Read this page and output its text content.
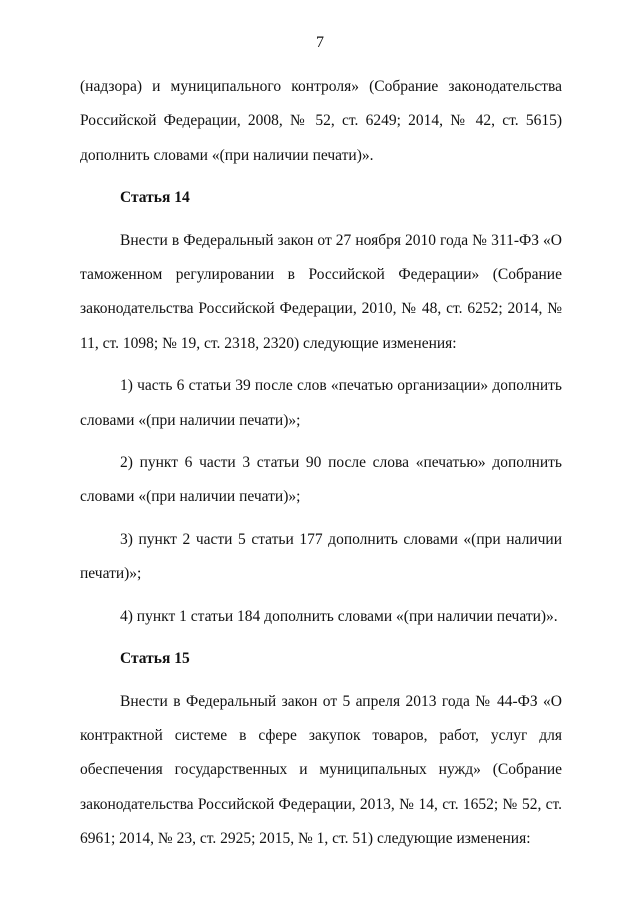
7

(надзора) и муниципального контроля» (Собрание законодательства Российской Федерации, 2008, № 52, ст. 6249; 2014, № 42, ст. 5615) дополнить словами «(при наличии печати)».

Статья 14

Внести в Федеральный закон от 27 ноября 2010 года № 311-ФЗ «О таможенном регулировании в Российской Федерации» (Собрание законодательства Российской Федерации, 2010, № 48, ст. 6252; 2014, № 11, ст. 1098; № 19, ст. 2318, 2320) следующие изменения:

1) часть 6 статьи 39 после слов «печатью организации» дополнить словами «(при наличии печати)»;

2) пункт 6 части 3 статьи 90 после слова «печатью» дополнить словами «(при наличии печати)»;

3) пункт 2 части 5 статьи 177 дополнить словами «(при наличии печати)»;

4) пункт 1 статьи 184 дополнить словами «(при наличии печати)».

Статья 15

Внести в Федеральный закон от 5 апреля 2013 года № 44-ФЗ «О контрактной системе в сфере закупок товаров, работ, услуг для обеспечения государственных и муниципальных нужд» (Собрание законодательства Российской Федерации, 2013, № 14, ст. 1652; № 52, ст. 6961; 2014, № 23, ст. 2925; 2015, № 1, ст. 51) следующие изменения:
